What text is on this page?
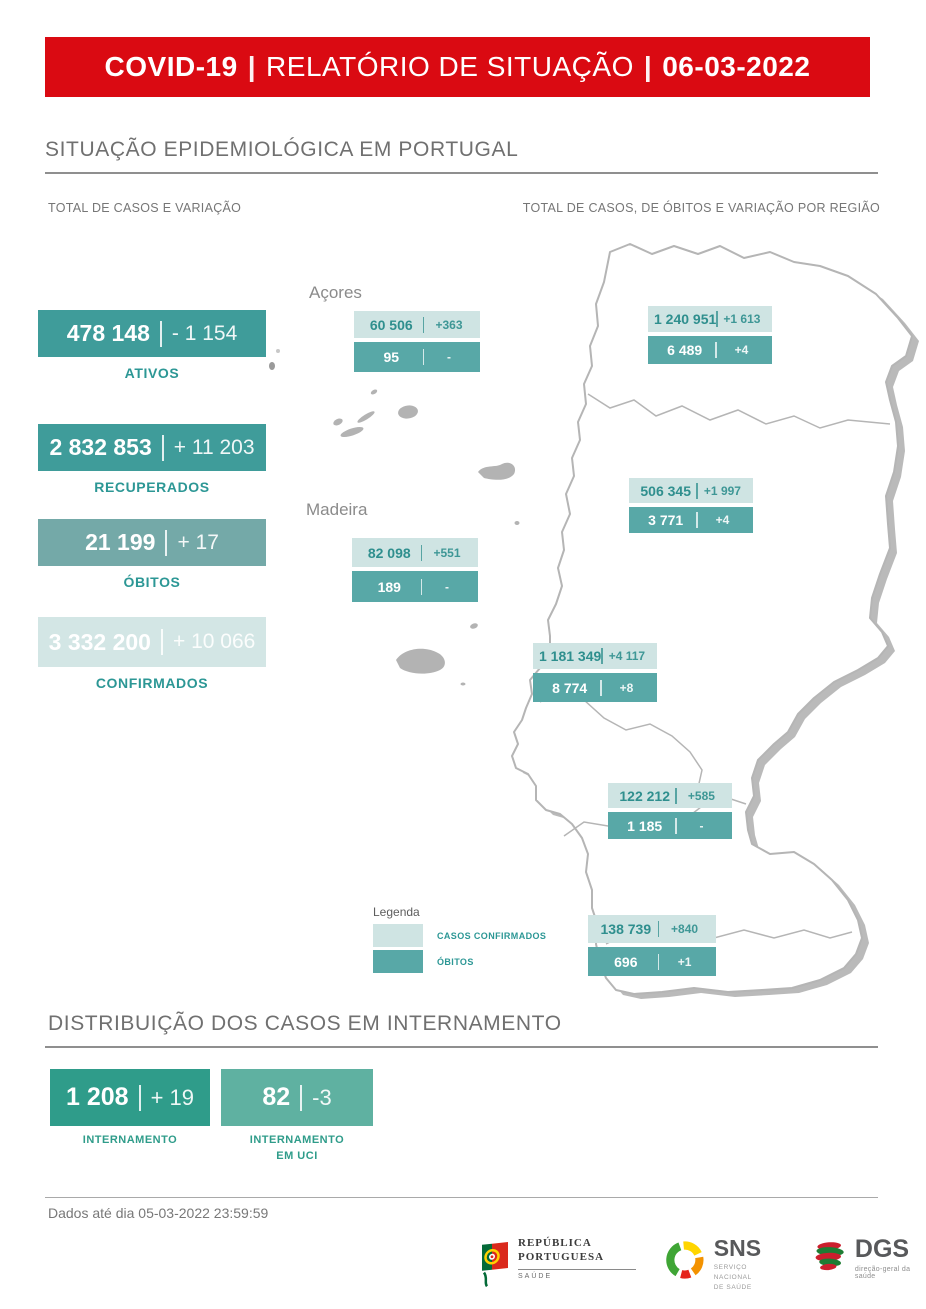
COVID-19 | RELATÓRIO DE SITUAÇÃO | 06-03-2022
SITUAÇÃO EPIDEMIOLÓGICA EM PORTUGAL
TOTAL DE CASOS E VARIAÇÃO	TOTAL DE CASOS, DE ÓBITOS E VARIAÇÃO POR REGIÃO
478 148 - 1 154
ATIVOS
2 832 853 + 11 203
RECUPERADOS
21 199 + 17
ÓBITOS
3 332 200 + 10 066
CONFIRMADOS
Açores
Madeira
60 506	+363
95	-
1 240 951 +1 613
6 489	+4
506 345	+1 997
3 771	+4
82 098	+551
189	-
1 181 349 +4 117
8 774	+8
122 212	+585
1 185	-
138 739	+840
696	+1
Legenda
CASOS CONFIRMADOS
ÓBITOS
DISTRIBUIÇÃO DOS CASOS EM INTERNAMENTO
1 208 + 19
INTERNAMENTO
82 -3
INTERNAMENTO
EM UCI
Dados até dia 05-03-2022 23:59:59
REPÚBLICA
PORTUGUESA
SAÚDE
SNS
SERVIÇO NACIONAL
DE SAÚDE
DGS
direção-geral da saúde
